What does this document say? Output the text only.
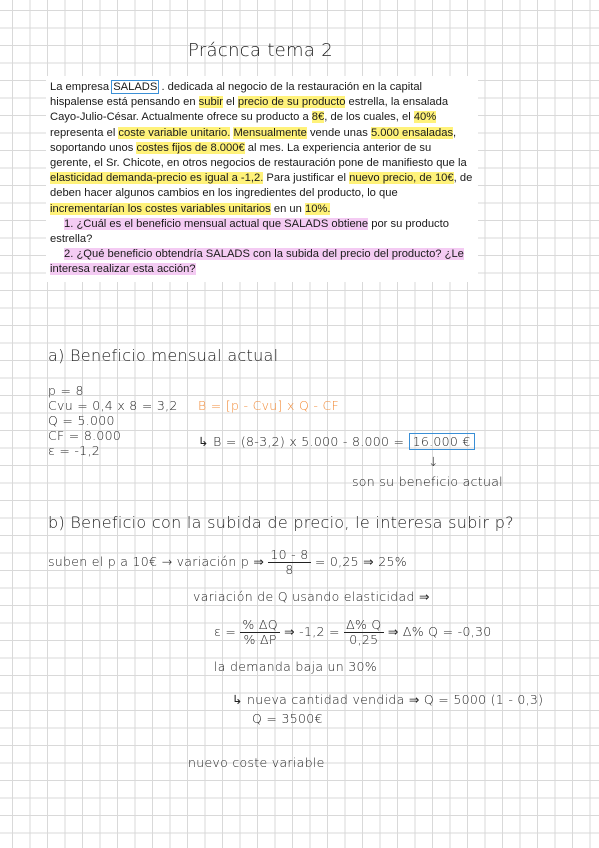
Prácnca tema 2

La empresa SALADS . dedicada al negocio de la restauración en la capital hispalense está pensando en subir el precio de su producto estrella, la ensalada Cayo-Julio-César. Actualmente ofrece su producto a 8€, de los cuales, el 40% representa el coste variable unitario. Mensualmente vende unas 5.000 ensaladas, soportando unos costes fijos de 8.000€ al mes. La experiencia anterior de su gerente, el Sr. Chicote, en otros negocios de restauración pone de manifiesto que la elasticidad demanda-precio es igual a -1,2. Para justificar el nuevo precio, de 10€, de deben hacer algunos cambios en los ingredientes del producto, lo que incrementarían los costes variables unitarios en un 10%.

1. ¿Cuál es el beneficio mensual actual que SALADS obtiene por su producto estrella?

2. ¿Qué beneficio obtendría SALADS con la subida del precio del producto? ¿Le interesa realizar esta acción?

a) Beneficio mensual actual
p = 8
Cvu = 0,4 x 8 = 3,2
Q = 5.000
CF = 8.000
ε = -1,2
B = [p - Cvu] x Q - CF
↳ B = (8-3,2) x 5.000 - 8.000 = 16.000 €
↓
son su beneficio actual
b) Beneficio con la subida de precio, le interesa subir p?
suben el p a 10€ → variación p ⇒ $\frac{10 - 8}{8} = 0,25$ ⇒ 25%
variación de Q usando elasticidad ⇒
$\varepsilon = \frac{\% \Delta Q}{\% \Delta P}$ ⇒ $-1,2 = \frac{\Delta\% Q}{0,25}$ ⇒ Δ% Q = -0,30
la demanda baja un 30%
↳ nueva cantidad vendida ⇒ Q = 5000 (1 - 0,3)
Q = 3500€
nuevo coste variable
